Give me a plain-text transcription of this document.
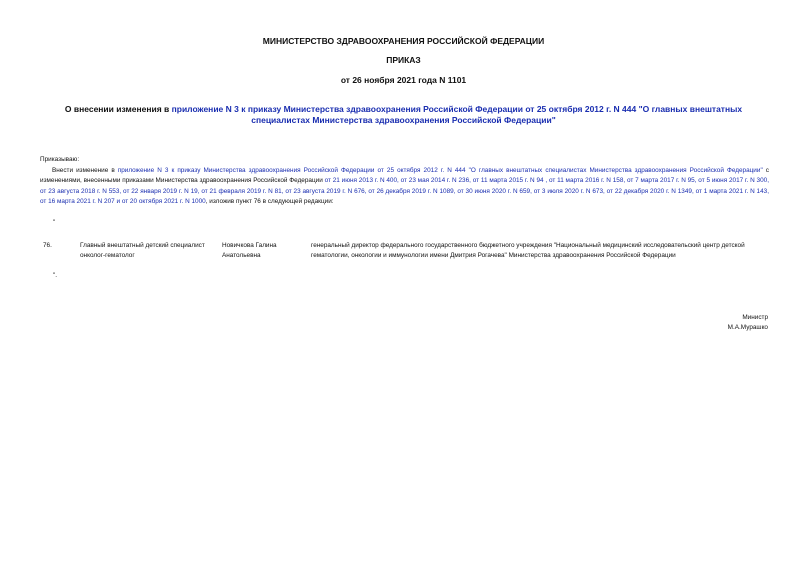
МИНИСТЕРСТВО ЗДРАВООХРАНЕНИЯ РОССИЙСКОЙ ФЕДЕРАЦИИ
ПРИКАЗ
от 26 ноября 2021 года N 1101
О внесении изменения в приложение N 3 к приказу Министерства здравоохранения Российской Федерации от 25 октября 2012 г. N 444 "О главных внештатных специалистах Министерства здравоохранения Российской Федерации"
Приказываю:
Внести изменение в приложение N 3 к приказу Министерства здравоохранения Российской Федерации от 25 октября 2012 г. N 444 "О главных внештатных специалистах Министерства здравоохранения Российской Федерации" с изменениями, внесенными приказами Министерства здравоохранения Российской Федерации от 21 июня 2013 г. N 400, от 23 мая 2014 г. N 236, от 11 марта 2015 г. N 94 , от 11 марта 2016 г. N 158, от 7 марта 2017 г. N 95, от 5 июня 2017 г. N 300, от 23 августа 2018 г. N 553, от 22 января 2019 г. N 19, от 21 февраля 2019 г. N 81, от 23 августа 2019 г. N 676, от 26 декабря 2019 г. N 1089, от 30 июня 2020 г. N 659, от 3 июля 2020 г. N 673, от 22 декабря 2020 г. N 1349, от 1 марта 2021 г. N 143, от 16 марта 2021 г. N 207 и от 20 октября 2021 г. N 1000, изложив пункт 76 в следующей редакции:
"
76.	Главный внештатный детский специалист онколог-гематолог
Новичкова Галина Анатольевна
генеральный директор федерального государственного бюджетного учреждения "Национальный медицинский исследовательский центр детской гематологии, онкологии и иммунологии имени Дмитрия Рогачева" Министерства здравоохранения Российской Федерации
".
Министр
М.А.Мурашко
